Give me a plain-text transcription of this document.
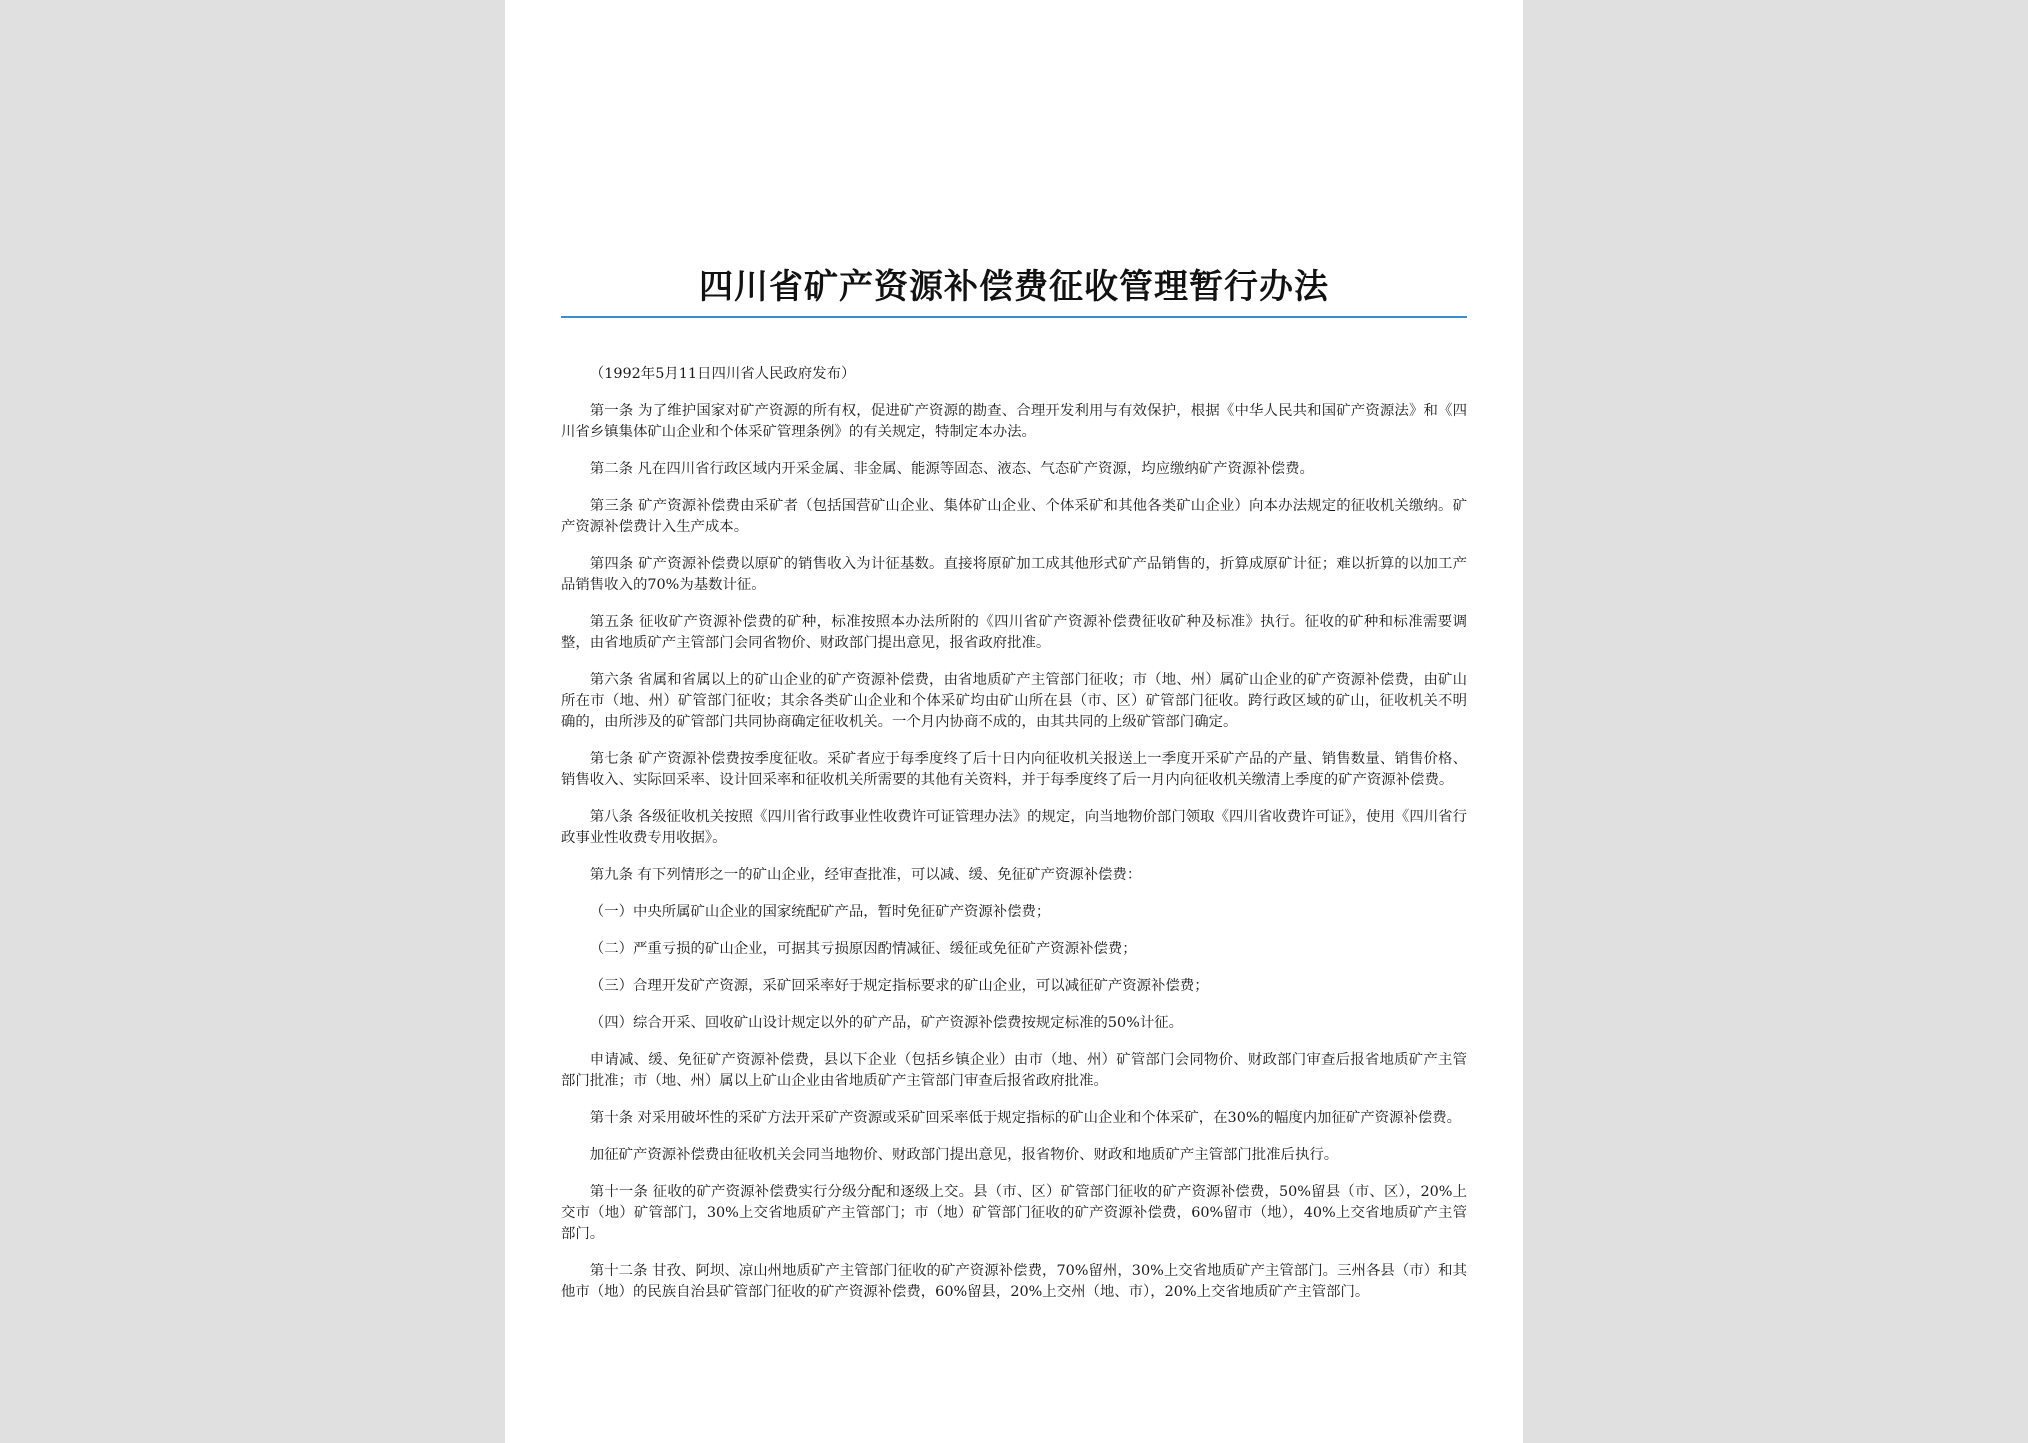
四川省矿产资源补偿费征收管理暂行办法

（1992年5月11日四川省人民政府发布）

第一条 为了维护国家对矿产资源的所有权，促进矿产资源的勘查、合理开发利用与有效保护，根据《中华人民共和国矿产资源法》和《四川省乡镇集体矿山企业和个体采矿管理条例》的有关规定，特制定本办法。

第二条 凡在四川省行政区域内开采金属、非金属、能源等固态、液态、气态矿产资源，均应缴纳矿产资源补偿费。

第三条 矿产资源补偿费由采矿者（包括国营矿山企业、集体矿山企业、个体采矿和其他各类矿山企业）向本办法规定的征收机关缴纳。矿产资源补偿费计入生产成本。

第四条 矿产资源补偿费以原矿的销售收入为计征基数。直接将原矿加工成其他形式矿产品销售的，折算成原矿计征；难以折算的以加工产品销售收入的70%为基数计征。

第五条 征收矿产资源补偿费的矿种，标准按照本办法所附的《四川省矿产资源补偿费征收矿种及标准》执行。征收的矿种和标准需要调整，由省地质矿产主管部门会同省物价、财政部门提出意见，报省政府批准。

第六条 省属和省属以上的矿山企业的矿产资源补偿费，由省地质矿产主管部门征收；市（地、州）属矿山企业的矿产资源补偿费，由矿山所在市（地、州）矿管部门征收；其余各类矿山企业和个体采矿均由矿山所在县（市、区）矿管部门征收。跨行政区域的矿山，征收机关不明确的，由所涉及的矿管部门共同协商确定征收机关。一个月内协商不成的，由其共同的上级矿管部门确定。

第七条 矿产资源补偿费按季度征收。采矿者应于每季度终了后十日内向征收机关报送上一季度开采矿产品的产量、销售数量、销售价格、销售收入、实际回采率、设计回采率和征收机关所需要的其他有关资料，并于每季度终了后一月内向征收机关缴清上季度的矿产资源补偿费。

第八条 各级征收机关按照《四川省行政事业性收费许可证管理办法》的规定，向当地物价部门领取《四川省收费许可证》，使用《四川省行政事业性收费专用收据》。

第九条 有下列情形之一的矿山企业，经审查批准，可以减、缓、免征矿产资源补偿费：

（一）中央所属矿山企业的国家统配矿产品，暂时免征矿产资源补偿费；

（二）严重亏损的矿山企业，可据其亏损原因酌情减征、缓征或免征矿产资源补偿费；

（三）合理开发矿产资源，采矿回采率好于规定指标要求的矿山企业，可以减征矿产资源补偿费；

（四）综合开采、回收矿山设计规定以外的矿产品，矿产资源补偿费按规定标准的50%计征。

申请减、缓、免征矿产资源补偿费，县以下企业（包括乡镇企业）由市（地、州）矿管部门会同物价、财政部门审查后报省地质矿产主管部门批准；市（地、州）属以上矿山企业由省地质矿产主管部门审查后报省政府批准。

第十条 对采用破坏性的采矿方法开采矿产资源或采矿回采率低于规定指标的矿山企业和个体采矿，在30%的幅度内加征矿产资源补偿费。

加征矿产资源补偿费由征收机关会同当地物价、财政部门提出意见，报省物价、财政和地质矿产主管部门批准后执行。

第十一条 征收的矿产资源补偿费实行分级分配和逐级上交。县（市、区）矿管部门征收的矿产资源补偿费，50%留县（市、区），20%上交市（地）矿管部门，30%上交省地质矿产主管部门；市（地）矿管部门征收的矿产资源补偿费，60%留市（地），40%上交省地质矿产主管部门。

第十二条 甘孜、阿坝、凉山州地质矿产主管部门征收的矿产资源补偿费，70%留州，30%上交省地质矿产主管部门。三州各县（市）和其他市（地）的民族自治县矿管部门征收的矿产资源补偿费，60%留县，20%上交州（地、市），20%上交省地质矿产主管部门。
